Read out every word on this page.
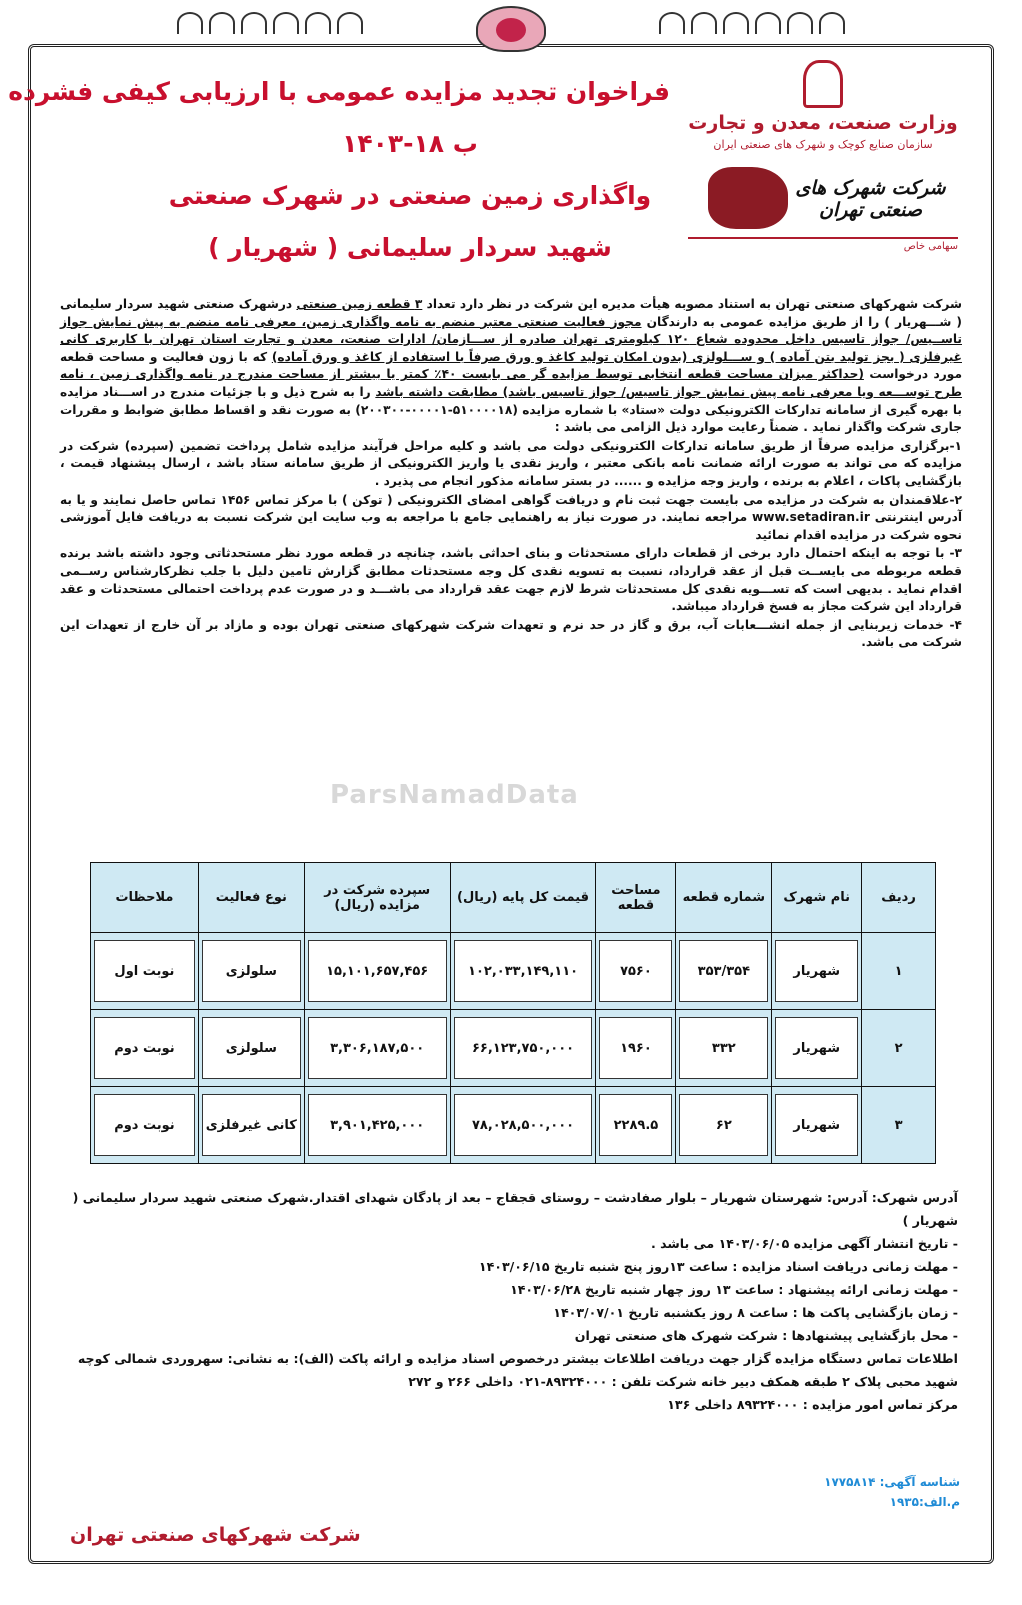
فراخوان تجدید مزایده عمومی با ارزیابی کیفی فشرده
ب ۱۸-۱۴۰۳
واگذاری زمین صنعتی در شهرک صنعتی
شهید سردار سلیمانی ( شهریار )
وزارت صنعت، معدن و تجارت
سازمان صنایع کوچک و شهرک های صنعتی ایران
شرکت شهرک های صنعتی تهران
سهامی خاص

شرکت شهرکهای صنعتی تهران به استناد مصوبه هیأت مدیره این شرکت در نظر دارد تعداد ۳ قطعه زمین صنعتی درشهرک صنعتی شهید سردار سلیمانی ( شـــهریار ) را از طریق مزایده عمومی به دارندگان مجوز فعالیت صنعتی معتبر منضم به نامه واگذاری زمین، معرفی نامه منضم به پیش نمایش جواز تاســیس/ جواز تاسیس داخل محدوده شعاع ۱۲۰ کیلومتری تهران صادره از ســـازمان/ ادارات صنعت، معدن و تجارت استان تهران با کاربری کانی غیرفلزی ( بجز تولید بتن آماده ) و ســـلولزی (بدون امکان تولید کاغذ و ورق صرفاً با استفاده از کاغذ و ورق آماده) که با زون فعالیت و مساحت قطعه مورد درخواست (حداکثر میزان مساحت قطعه انتخابی توسط مزایده گر می بایست ۴۰٪ کمتر یا بیشتر از مساحت مندرج در نامه واگذاری زمین ، نامه طرح توســـعه ویا معرفی نامه پیش نمایش جواز تاسیس/ جواز تاسیس باشد) مطابقت داشته باشد را به شرح ذیل و با جزئیات مندرج در اســـناد مزایده با بهره گیری از سامانه تدارکات الکترونیکی دولت «ستاد» با شماره مزایده (۵۱۰۰۰۰۱۸-۰۰۰۰۱-۲۰۰۳۰۰) به صورت نقد و اقساط مطابق ضوابط و مقررات جاری شرکت واگذار نماید . ضمناً رعایت موارد ذیل الزامی می باشد :

۱-برگزاری مزایده صرفاً از طریق سامانه تدارکات الکترونیکی دولت می باشد و کلیه مراحل فرآیند مزایده شامل پرداخت تضمین (سپرده) شرکت در مزایده که می تواند به صورت ارائه ضمانت نامه بانکی معتبر ، واریز نقدی یا واریز الکترونیکی از طریق سامانه ستاد باشد ، ارسال پیشنهاد قیمت ، بازگشایی پاکات ، اعلام به برنده ، واریز وجه مزایده و ...... در بستر سامانه مذکور انجام می پذیرد .

۲-علاقمندان به شرکت در مزایده می بایست جهت ثبت نام و دریافت گواهی امضای الکترونیکی ( توکن ) با مرکز تماس ۱۴۵۶ تماس حاصل نمایند و یا به آدرس اینترنتی www.setadiran.ir مراجعه نمایند. در صورت نیاز به راهنمایی جامع با مراجعه به وب سایت این شرکت نسبت به دریافت فایل آموزشی نحوه شرکت در مزایده اقدام نمائید

۳- با توجه به اینکه احتمال دارد برخی از قطعات دارای مستحدثات و بنای احداثی باشد، چنانچه در قطعه مورد نظر مستحدثاتی وجود داشته باشد برنده قطعه مربوطه می بایســت قبل از عقد قرارداد، نسبت به تسویه نقدی کل وجه مستحدثات مطابق گزارش تامین دلیل با جلب نظرکارشناس رســمی اقدام نماید . بدیهی است که تســـویه نقدی کل مستحدثات شرط لازم جهت عقد قرارداد می باشـــد و در صورت عدم پرداخت احتمالی مستحدثات و عقد قرارداد این شرکت مجاز به فسخ قرارداد میباشد.

۴- خدمات زیربنایی از جمله انشـــعابات آب، برق و گاز در حد نرم و تعهدات شرکت شهرکهای صنعتی تهران بوده و مازاد بر آن خارج از تعهدات این شرکت می باشد.

ParsNamadData
ردیف	نام شهرک	شماره قطعه	مساحت قطعه	قیمت کل پایه (ریال)	سپرده شرکت در مزایده (ریال)	نوع فعالیت	ملاحظات
۱	شهریار	۳۵۳/۳۵۴	۷۵۶۰	۱۰۲,۰۳۳,۱۴۹,۱۱۰	۱۵,۱۰۱,۶۵۷,۴۵۶	سلولزی	نوبت اول

۲	شهریار	۳۳۲	۱۹۶۰	۶۶,۱۲۳,۷۵۰,۰۰۰	۳,۳۰۶,۱۸۷,۵۰۰	سلولزی	نوبت دوم

۳	شهریار	۶۲	۲۲۸۹.۵	۷۸,۰۲۸,۵۰۰,۰۰۰	۳,۹۰۱,۴۲۵,۰۰۰	کانی غیرفلزی	نوبت دوم
آدرس شهرک: آدرس: شهرستان شهریار – بلوار صفادشت – روستای قجقاج – بعد از پادگان شهدای اقتدار.شهرک صنعتی شهید سردار سلیمانی ( شهریار )
- تاریخ انتشار آگهی مزایده ۱۴۰۳/۰۶/۰۵ می باشد .
- مهلت زمانی دریافت اسناد مزایده : ساعت ۱۳روز پنج شنبه تاریخ ۱۴۰۳/۰۶/۱۵
- مهلت زمانی ارائه پیشنهاد : ساعت ۱۳ روز چهار شنبه تاریخ ۱۴۰۳/۰۶/۲۸
- زمان بازگشایی پاکت ها : ساعت ۸ روز یکشنبه تاریخ ۱۴۰۳/۰۷/۰۱
- محل بازگشایی پیشنهادها : شرکت شهرک های صنعتی تهران
اطلاعات تماس دستگاه مزایده گزار جهت دریافت اطلاعات بیشتر درخصوص اسناد مزایده و ارائه پاکت (الف): به نشانی: سهروردی شمالی کوچه شهید محبی پلاک ۲ طبقه همکف دبیر خانه شرکت تلفن : ۸۹۳۲۴۰۰۰-۰۲۱ داخلی ۲۶۶ و ۲۷۲
مرکز تماس امور مزایده : ۸۹۳۲۴۰۰۰ داخلی ۱۳۶
شناسه آگهی: ۱۷۷۵۸۱۴
م.الف:۱۹۳۵
شرکت شهرکهای صنعتی تهران
